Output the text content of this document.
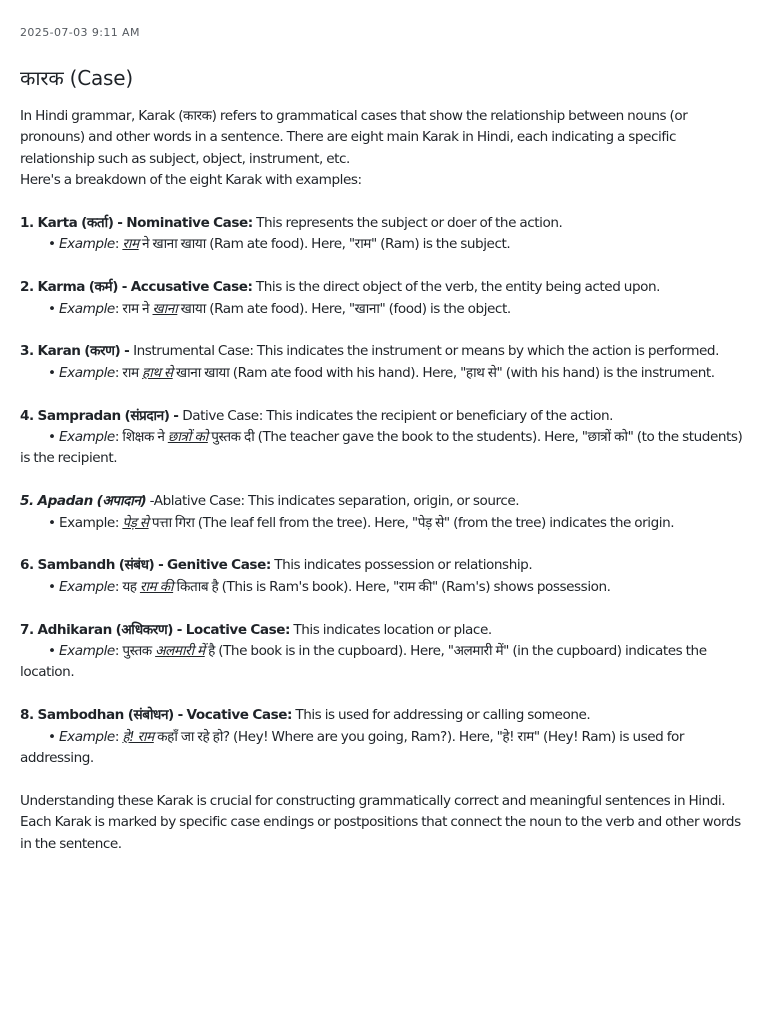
2025-07-03 9:11 AM
कारक (Case)

In Hindi grammar, Karak (कारक) refers to grammatical cases that show the relationship between nouns (or pronouns) and other words in a sentence. There are eight main Karak in Hindi, each indicating a specific relationship such as subject, object, instrument, etc.

Here's a breakdown of the eight Karak with examples:

1. Karta (कर्ता) - Nominative Case: This represents the subject or doer of the action.

• Example: राम ने खाना खाया (Ram ate food). Here, "राम" (Ram) is the subject.

2. Karma (कर्म) - Accusative Case: This is the direct object of the verb, the entity being acted upon.

• Example: राम ने खाना खाया (Ram ate food). Here, "खाना" (food) is the object.

3. Karan (करण) - Instrumental Case: This indicates the instrument or means by which the action is performed.

• Example: राम हाथ से खाना खाया (Ram ate food with his hand). Here, "हाथ से" (with his hand) is the instrument.

4. Sampradan (संप्रदान) - Dative Case: This indicates the recipient or beneficiary of the action.

• Example: शिक्षक ने छात्रों को पुस्तक दी (The teacher gave the book to the students). Here, "छात्रों को" (to the students) is the recipient.

5. Apadan (अपादान) -Ablative Case: This indicates separation, origin, or source.

• Example: पेड़ से पत्ता गिरा (The leaf fell from the tree). Here, "पेड़ से" (from the tree) indicates the origin.

6. Sambandh (संबंध) - Genitive Case: This indicates possession or relationship.

• Example: यह राम की किताब है (This is Ram's book). Here, "राम की" (Ram's) shows possession.

7. Adhikaran (अधिकरण) - Locative Case: This indicates location or place.

• Example: पुस्तक अलमारी में है (The book is in the cupboard). Here, "अलमारी में" (in the cupboard) indicates the location.

8. Sambodhan (संबोधन) - Vocative Case: This is used for addressing or calling someone.

• Example: हे! राम कहाँ जा रहे हो? (Hey! Where are you going, Ram?). Here, "हे! राम" (Hey! Ram) is used for addressing.

Understanding these Karak is crucial for constructing grammatically correct and meaningful sentences in Hindi. Each Karak is marked by specific case endings or postpositions that connect the noun to the verb and other words in the sentence.
